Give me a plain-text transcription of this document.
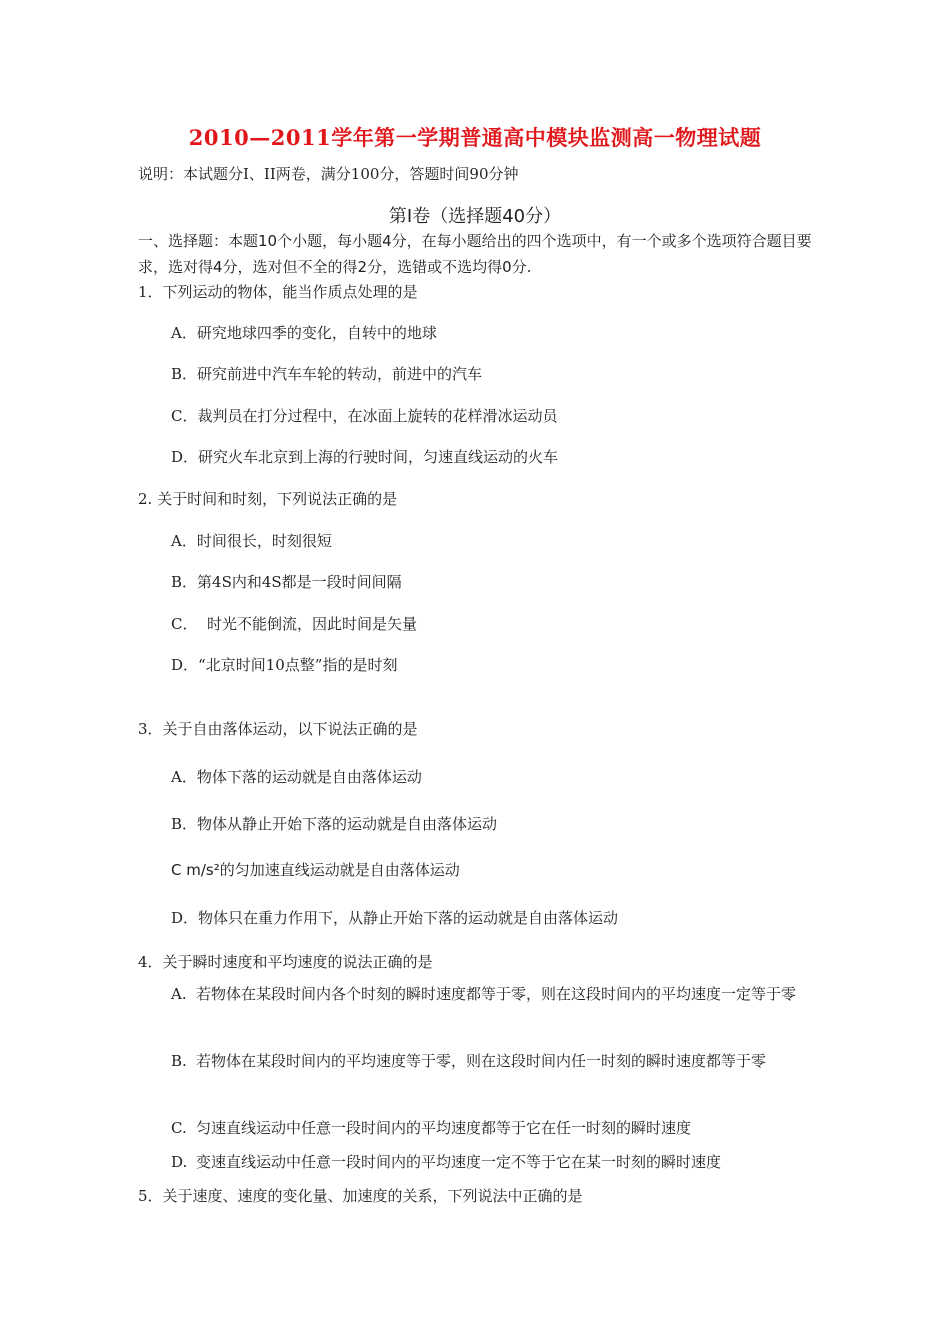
2010—2011学年第一学期普通高中模块监测高一物理试题
说明：本试题分I、II两卷，满分100分，答题时间90分钟
第Ⅰ卷（选择题40分）
一、选择题：本题10个小题，每小题4分，在每小题给出的四个选项中，有一个或多个选项符合题目要求，选对得4分，选对但不全的得2分，选错或不选均得0分.
1．下列运动的物体，能当作质点处理的是
A．研究地球四季的变化，自转中的地球
B．研究前进中汽车车轮的转动，前进中的汽车
C．裁判员在打分过程中，在冰面上旋转的花样滑冰运动员
D．研究火车北京到上海的行驶时间，匀速直线运动的火车
2. 关于时间和时刻，下列说法正确的是
A．时间很长，时刻很短
B．第4S内和4S都是一段时间间隔
C．  时光不能倒流，因此时间是矢量
D．“北京时间10点整”指的是时刻
3．关于自由落体运动，以下说法正确的是
A．物体下落的运动就是自由落体运动
B．物体从静止开始下落的运动就是自由落体运动
C m/s²的匀加速直线运动就是自由落体运动
D．物体只在重力作用下，从静止开始下落的运动就是自由落体运动
4．关于瞬时速度和平均速度的说法正确的是
A. 若物体在某段时间内各个时刻的瞬时速度都等于零，则在这段时间内的平均速度一定等于零
B. 若物体在某段时间内的平均速度等于零，则在这段时间内任一时刻的瞬时速度都等于零
C. 匀速直线运动中任意一段时间内的平均速度都等于它在任一时刻的瞬时速度
D. 变速直线运动中任意一段时间内的平均速度一定不等于它在某一时刻的瞬时速度
5．关于速度、速度的变化量、加速度的关系，下列说法中正确的是
